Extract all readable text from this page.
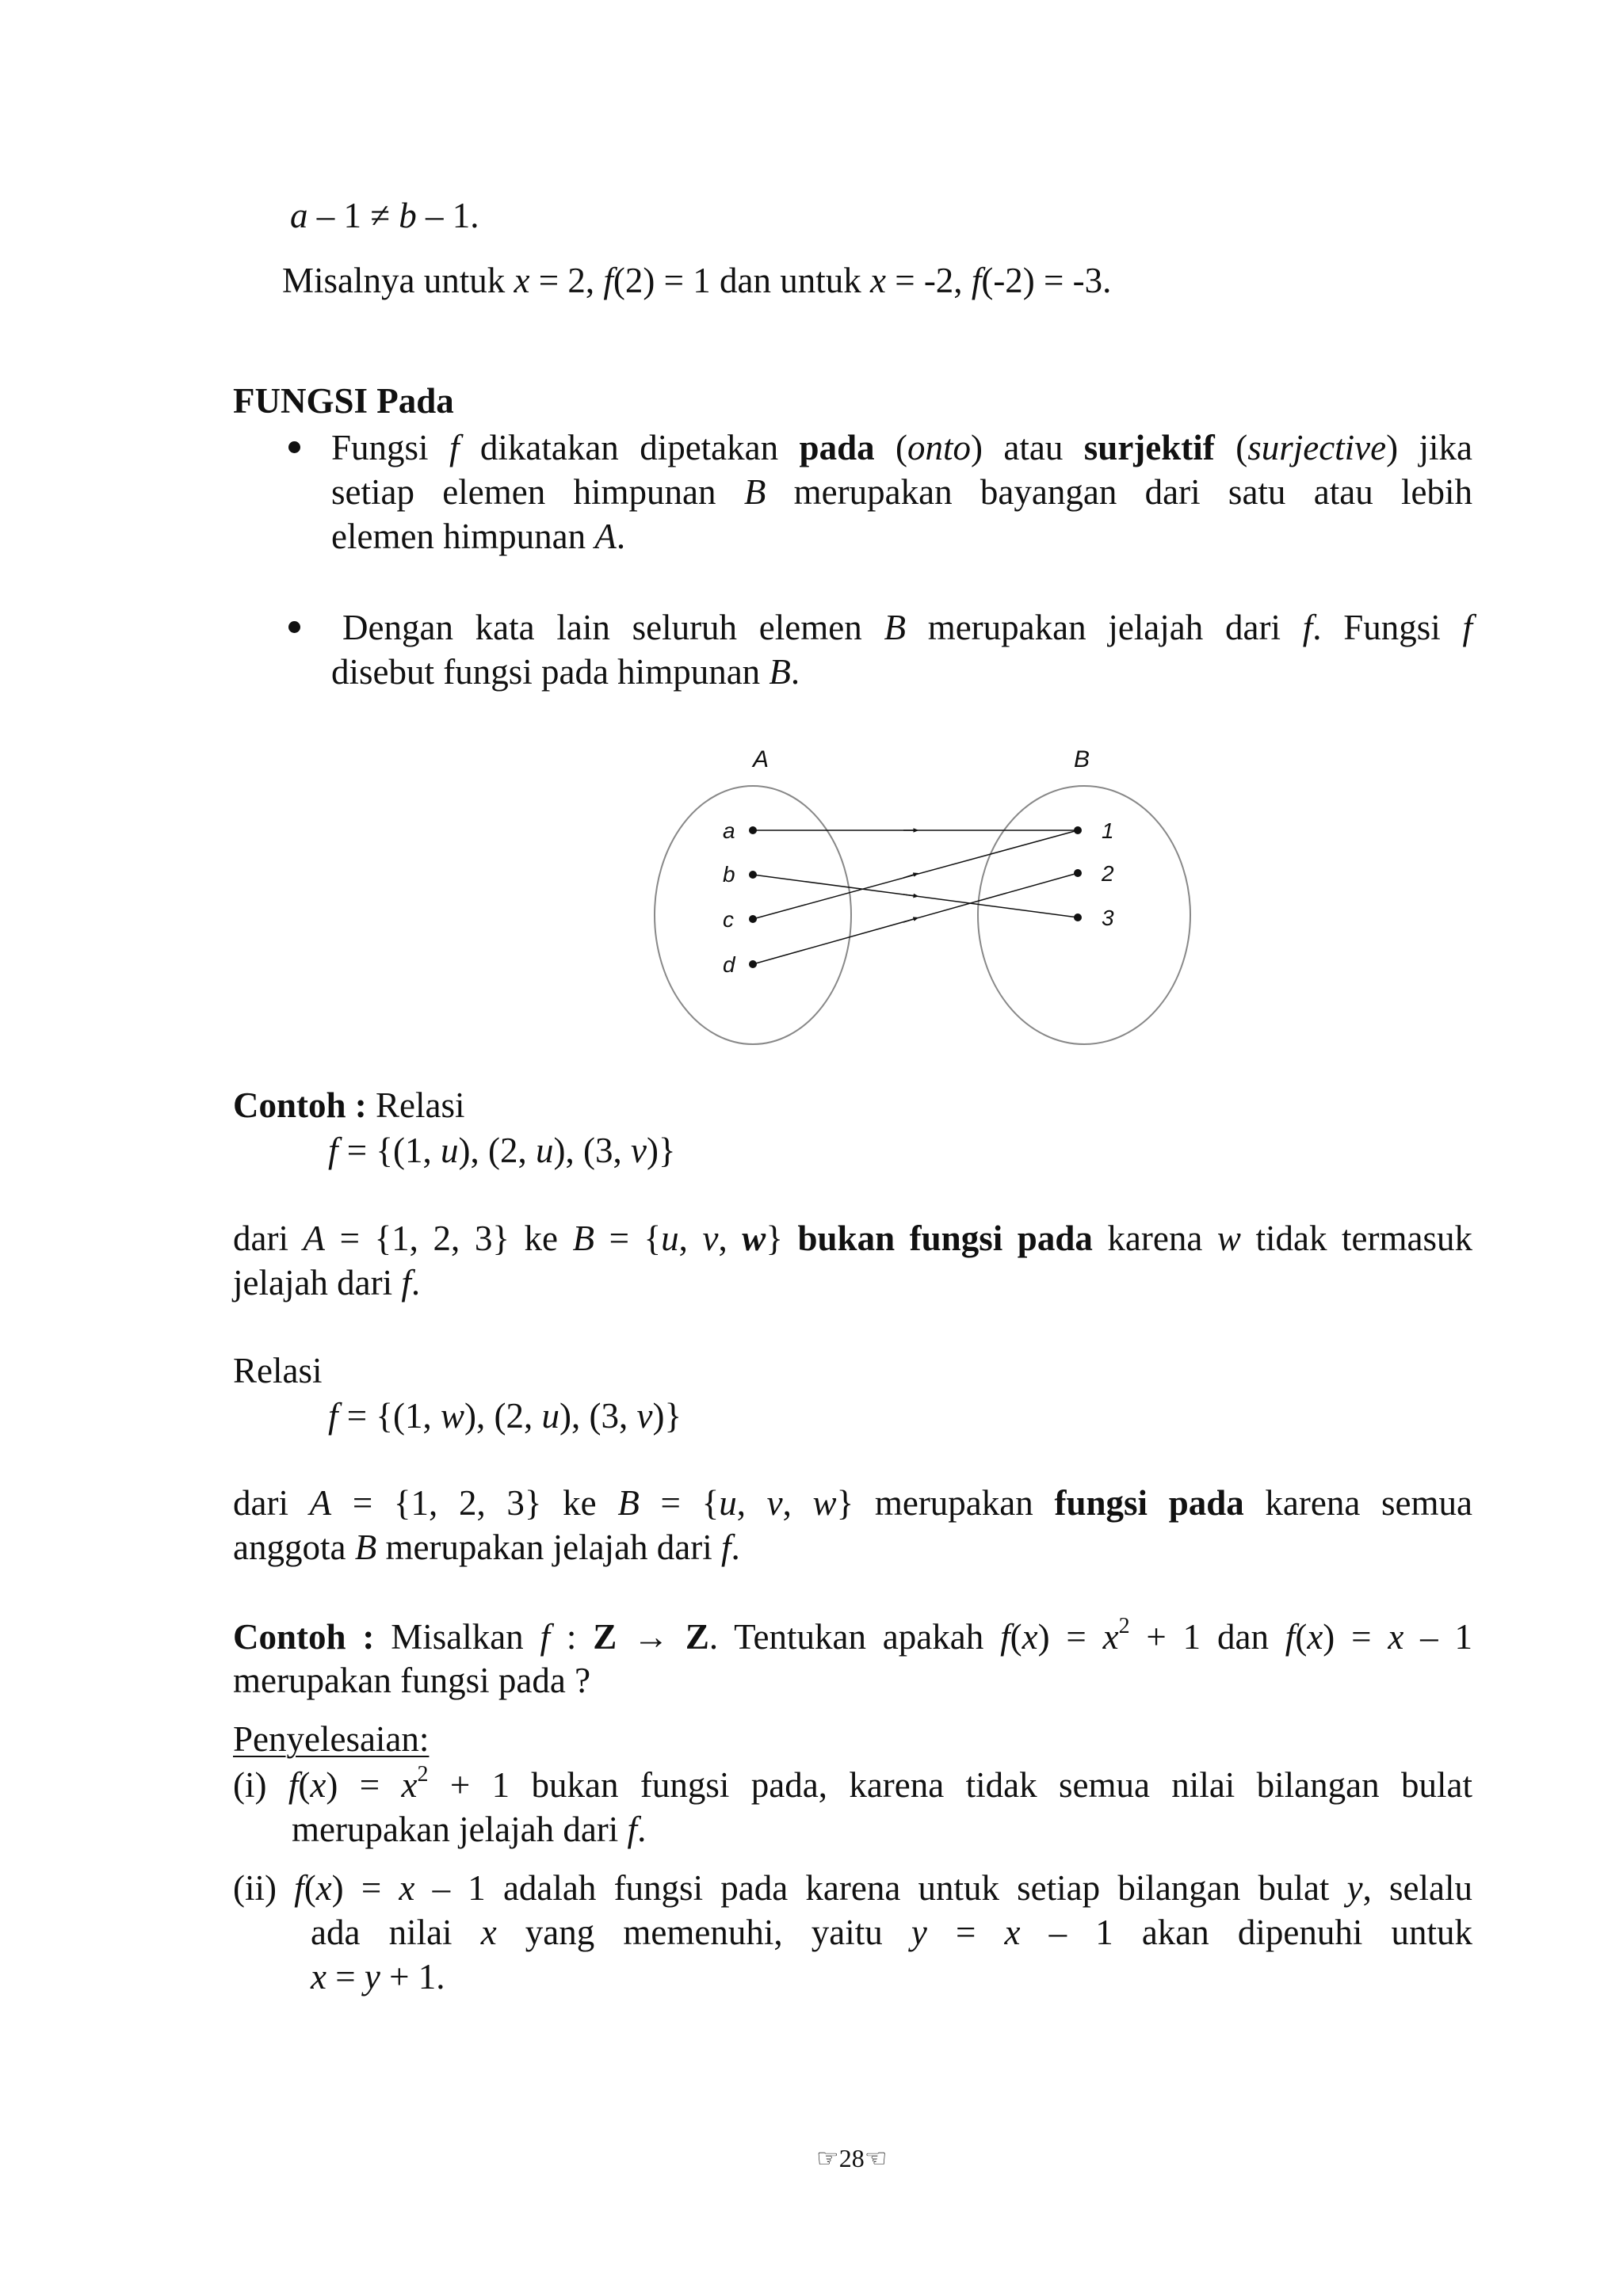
a – 1 ≠ b – 1.
Misalnya untuk x = 2, f(2) = 1 dan untuk x = -2, f(-2) = -3.
FUNGSI Pada
Fungsi f dikatakan dipetakan pada (onto) atau surjektif (surjective) jika
setiap elemen himpunan B merupakan bayangan dari satu atau lebih
elemen himpunan A.
Dengan kata lain seluruh elemen B merupakan jelajah dari f. Fungsi f
disebut fungsi pada himpunan B.
A	B
a
b
c
d
1
2
3
Contoh : Relasi
f = {(1, u), (2, u), (3, v)}
dari A = {1, 2, 3} ke B = {u, v, w} bukan fungsi pada karena w tidak termasuk
jelajah dari f.
Relasi
f = {(1, w), (2, u), (3, v)}
dari A = {1, 2, 3} ke B = {u, v, w} merupakan fungsi pada karena semua
anggota B merupakan jelajah dari f.
Contoh : Misalkan f : Z → Z. Tentukan apakah $f(x) = x^2 + 1$ dan f(x) = x – 1
merupakan fungsi pada ?
Penyelesaian:
(i) $f(x) = x^2 + 1$ bukan fungsi pada, karena tidak semua nilai bilangan bulat
merupakan jelajah dari f.
(ii) f(x) = x – 1 adalah fungsi pada karena untuk setiap bilangan bulat y, selalu
ada nilai x yang memenuhi, yaitu y = x – 1 akan dipenuhi untuk
x = y + 1.
☞28☜
